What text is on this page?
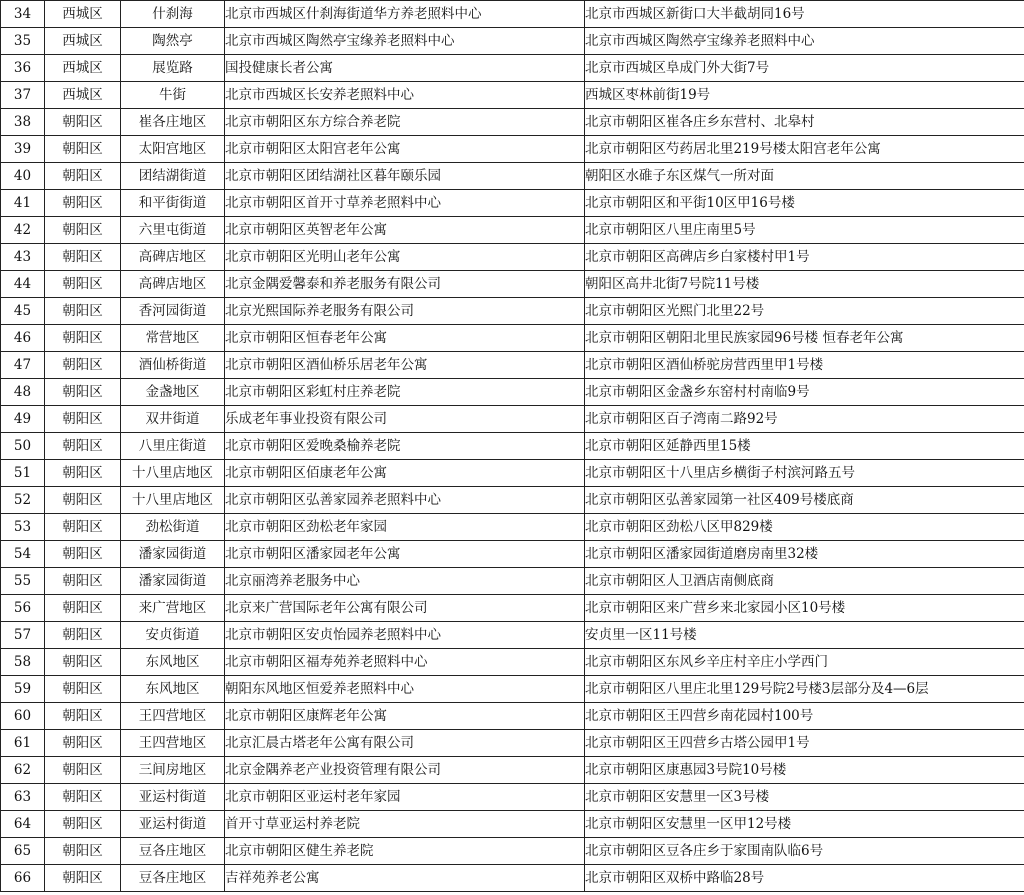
34	西城区	什刹海	北京市西城区什刹海街道华方养老照料中心	北京市西城区新街口大半截胡同16号
35	西城区	陶然亭	北京市西城区陶然亭宝缘养老照料中心	北京市西城区陶然亭宝缘养老照料中心
36	西城区	展览路	国投健康长者公寓	北京市西城区阜成门外大街7号
37	西城区	牛街	北京市西城区长安养老照料中心	西城区枣林前街19号
38	朝阳区	崔各庄地区	北京市朝阳区东方综合养老院	北京市朝阳区崔各庄乡东营村、北皋村
39	朝阳区	太阳宫地区	北京市朝阳区太阳宫老年公寓	北京市朝阳区芍药居北里219号楼太阳宫老年公寓
40	朝阳区	团结湖街道	北京市朝阳区团结湖社区暮年颐乐园	朝阳区水碓子东区煤气一所对面
41	朝阳区	和平街街道	北京市朝阳区首开寸草养老照料中心	北京市朝阳区和平街10区甲16号楼
42	朝阳区	六里屯街道	北京市朝阳区英智老年公寓	北京市朝阳区八里庄南里5号
43	朝阳区	高碑店地区	北京市朝阳区光明山老年公寓	北京市朝阳区高碑店乡白家楼村甲1号
44	朝阳区	高碑店地区	北京金隅爱馨泰和养老服务有限公司	朝阳区高井北街7号院11号楼
45	朝阳区	香河园街道	北京光熙国际养老服务有限公司	北京市朝阳区光熙门北里22号
46	朝阳区	常营地区	北京市朝阳区恒春老年公寓	北京市朝阳区朝阳北里民族家园96号楼 恒春老年公寓
47	朝阳区	酒仙桥街道	北京市朝阳区酒仙桥乐居老年公寓	北京市朝阳区酒仙桥驼房营西里甲1号楼
48	朝阳区	金盏地区	北京市朝阳区彩虹村庄养老院	北京市朝阳区金盏乡东窑村村南临9号
49	朝阳区	双井街道	乐成老年事业投资有限公司	北京市朝阳区百子湾南二路92号
50	朝阳区	八里庄街道	北京市朝阳区爱晚桑榆养老院	北京市朝阳区延静西里15楼
51	朝阳区	十八里店地区	北京市朝阳区佰康老年公寓	北京市朝阳区十八里店乡横街子村滨河路五号
52	朝阳区	十八里店地区	北京市朝阳区弘善家园养老照料中心	北京市朝阳区弘善家园第一社区409号楼底商
53	朝阳区	劲松街道	北京市朝阳区劲松老年家园	北京市朝阳区劲松八区甲829楼
54	朝阳区	潘家园街道	北京市朝阳区潘家园老年公寓	北京市朝阳区潘家园街道磨房南里32楼
55	朝阳区	潘家园街道	北京丽湾养老服务中心	北京市朝阳区人卫酒店南侧底商
56	朝阳区	来广营地区	北京来广营国际老年公寓有限公司	北京市朝阳区来广营乡来北家园小区10号楼
57	朝阳区	安贞街道	北京市朝阳区安贞怡园养老照料中心	安贞里一区11号楼
58	朝阳区	东风地区	北京市朝阳区福寿苑养老照料中心	北京市朝阳区东风乡辛庄村辛庄小学西门
59	朝阳区	东风地区	朝阳东风地区恒爱养老照料中心	北京市朝阳区八里庄北里129号院2号楼3层部分及4—6层
60	朝阳区	王四营地区	北京市朝阳区康辉老年公寓	北京市朝阳区王四营乡南花园村100号
61	朝阳区	王四营地区	北京汇晨古塔老年公寓有限公司	北京市朝阳区王四营乡古塔公园甲1号
62	朝阳区	三间房地区	北京金隅养老产业投资管理有限公司	北京市朝阳区康惠园3号院10号楼
63	朝阳区	亚运村街道	北京市朝阳区亚运村老年家园	北京市朝阳区安慧里一区3号楼
64	朝阳区	亚运村街道	首开寸草亚运村养老院	北京市朝阳区安慧里一区甲12号楼
65	朝阳区	豆各庄地区	北京市朝阳区健生养老院	北京市朝阳区豆各庄乡于家围南队临6号
66	朝阳区	豆各庄地区	吉祥苑养老公寓	北京市朝阳区双桥中路临28号
